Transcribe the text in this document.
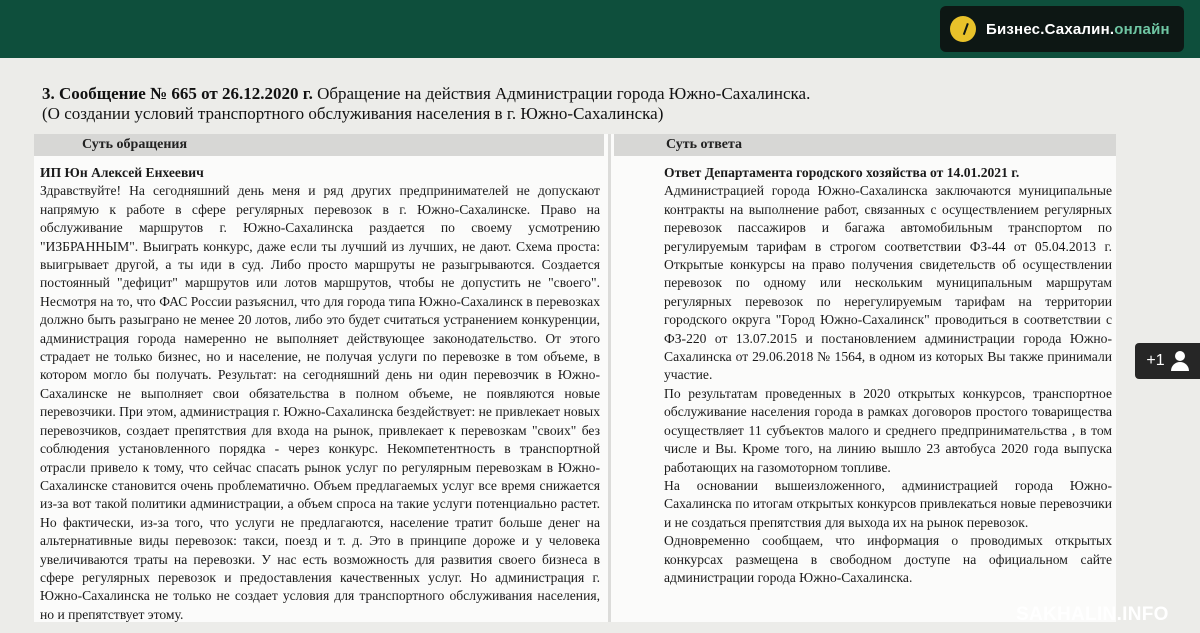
Бизнес.Сахалин.онлайн
3. Сообщение № 665 от 26.12.2020 г. Обращение на действия Администрации города Южно-Сахалинска.
(О создании условий транспортного обслуживания населения в г. Южно-Сахалинска)
Суть обращения	Суть ответа

ИП Юн Алексей Енхеевич

Здравствуйте! На сегодняшний день меня и ряд других предпринимателей не допускают напрямую к работе в сфере регулярных перевозок в г. Южно-Сахалинске. Право на обслуживание маршрутов г. Южно-Сахалинска раздается по своему усмотрению "ИЗБРАННЫМ". Выиграть конкурс, даже если ты лучший из лучших, не дают. Схема проста: выигрывает другой, а ты иди в суд. Либо просто маршруты не разыгрываются. Создается постоянный "дефицит" маршрутов или лотов маршрутов, чтобы не допустить не "своего". Несмотря на то, что ФАС России разъяснил, что для города типа Южно-Сахалинск в перевозках должно быть разыграно не менее 20 лотов, либо это будет считаться устранением конкуренции, администрация города намеренно не выполняет действующее законодательство. От этого страдает не только бизнес, но и население, не получая услуги по перевозке в том объеме, в котором могло бы получать. Результат: на сегодняшний день ни один перевозчик в Южно-Сахалинске не выполняет свои обязательства в полном объеме, не появляются новые перевозчики. При этом, администрация г. Южно-Сахалинска бездействует: не привлекает новых перевозчиков, создает препятствия для входа на рынок, привлекает к перевозкам "своих" без соблюдения установленного порядка - через конкурс. Некомпетентность в транспортной отрасли привело к тому, что сейчас спасать рынок услуг по регулярным перевозкам в Южно-Сахалинске становится очень проблематично. Объем предлагаемых услуг все время снижается из-за вот такой политики администрации, а объем спроса на такие услуги потенциально растет. Но фактически, из-за того, что услуги не предлагаются, население тратит больше денег на альтернативные виды перевозок: такси, поезд и т. д. Это в принципе дороже и у человека увеличиваются траты на перевозки. У нас есть возможность для развития своего бизнеса в сфере регулярных перевозок и предоставления качественных услуг. Но администрация г. Южно-Сахалинска не только не создает условия для транспортного обслуживания населения, но и препятствует этому.

Ответ Департамента городского хозяйства от 14.01.2021 г.

Администрацией города Южно-Сахалинска заключаются муниципальные контракты на выполнение работ, связанных с осуществлением регулярных перевозок пассажиров и багажа автомобильным транспортом по регулируемым тарифам в строгом соответствии ФЗ-44 от 05.04.2013 г. Открытые конкурсы на право получения свидетельств об осуществлении перевозок по одному или нескольким муниципальным маршрутам регулярных перевозок по нерегулируемым тарифам на территории городского округа "Город Южно-Сахалинск" проводиться в соответствии с ФЗ-220 от 13.07.2015 и постановлением администрации города Южно-Сахалинска от 29.06.2018 № 1564, в одном из которых Вы также принимали участие.

По результатам проведенных в 2020 открытых конкурсов, транспортное обслуживание населения города в рамках договоров простого товарищества осуществляет 11 субъектов малого и среднего предпринимательства , в том числе и Вы. Кроме того, на линию вышло 23 автобуса 2020 года выпуска работающих на газомоторном топливе.

На основании вышеизложенного, администрацией города Южно-Сахалинска по итогам открытых конкурсов привлекаться новые перевозчики и не создаться препятствия для выхода их на рынок перевозок.

Одновременно сообщаем, что информация о проводимых открытых конкурсах размещена в свободном доступе на официальном сайте администрации города Южно-Сахалинска.

+1
SAKHALIN.INFO
